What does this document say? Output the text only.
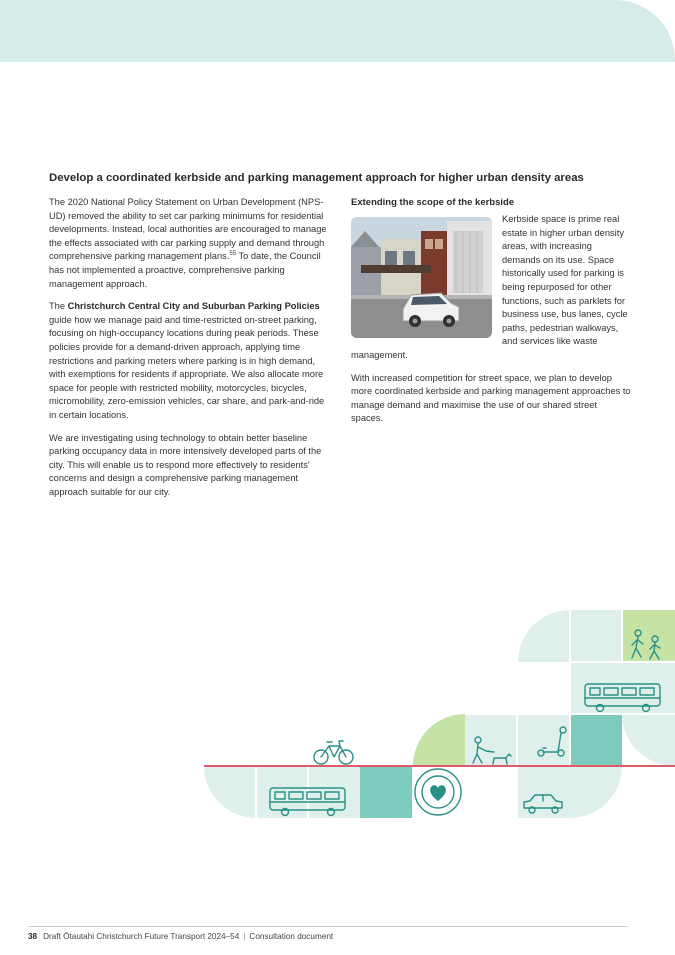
Develop a coordinated kerbside and parking management approach for higher urban density areas

The 2020 National Policy Statement on Urban Development (NPS-UD) removed the ability to set car parking minimums for residential developments. Instead, local authorities are encouraged to manage the effects associated with car parking supply and demand through comprehensive parking management plans.$^{55}$ To date, the Council has not implemented a proactive, comprehensive parking management approach.

The Christchurch Central City and Suburban Parking Policies guide how we manage paid and time-restricted on-street parking, focusing on high-occupancy locations during peak periods. These policies provide for a demand-driven approach, applying time restrictions and parking meters where parking is in high demand, with exemptions for residents if appropriate. We also allocate more space for people with restricted mobility, motorcycles, bicycles, micromobility, zero-emission vehicles, car share, and park-and-ride in certain locations.

We are investigating using technology to obtain better baseline parking occupancy data in more intensively developed parts of the city. This will enable us to respond more effectively to residents' concerns and design a comprehensive parking management approach suitable for our city.

Extending the scope of the kerbside

Kerbside space is prime real estate in higher urban density areas, with increasing demands on its use. Space historically used for parking is being repurposed for other functions, such as parklets for business use, bus lanes, cycle paths, pedestrian walkways, and services like waste management.

With increased competition for street space, we plan to develop more coordinated kerbside and parking management approaches to manage demand and maximise the use of our shared street spaces.

38 Draft Ōtautahi Christchurch Future Transport 2024–54 | Consultation document
